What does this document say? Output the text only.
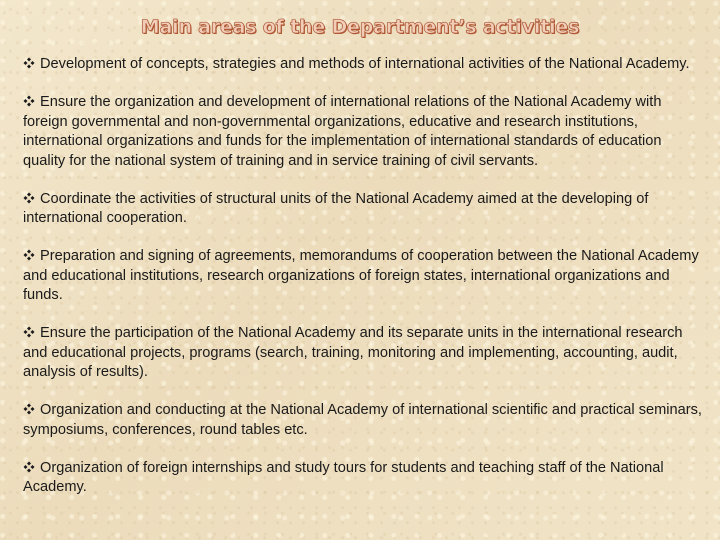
Main areas of the Department’s activities
Development of concepts, strategies and methods of international activities of the National Academy.
Ensure the organization and development of international relations of the National Academy with foreign governmental and non-governmental organizations, educative and research institutions, international organizations and funds for the implementation of international standards of education quality for the national system of training and in service training of civil servants.
Coordinate the activities of structural units of the National Academy aimed at the developing of international cooperation.
Preparation and signing of agreements, memorandums of cooperation between the National Academy and educational institutions, research organizations of foreign states, international organizations and funds.
Ensure the participation of the National Academy and its separate units in the international research and educational projects, programs (search, training, monitoring and implementing, accounting, audit, analysis of results).
Organization and conducting at the National Academy of international scientific and practical seminars, symposiums, conferences, round tables etc.
Organization of foreign internships and study tours for students and teaching staff of the National Academy.
